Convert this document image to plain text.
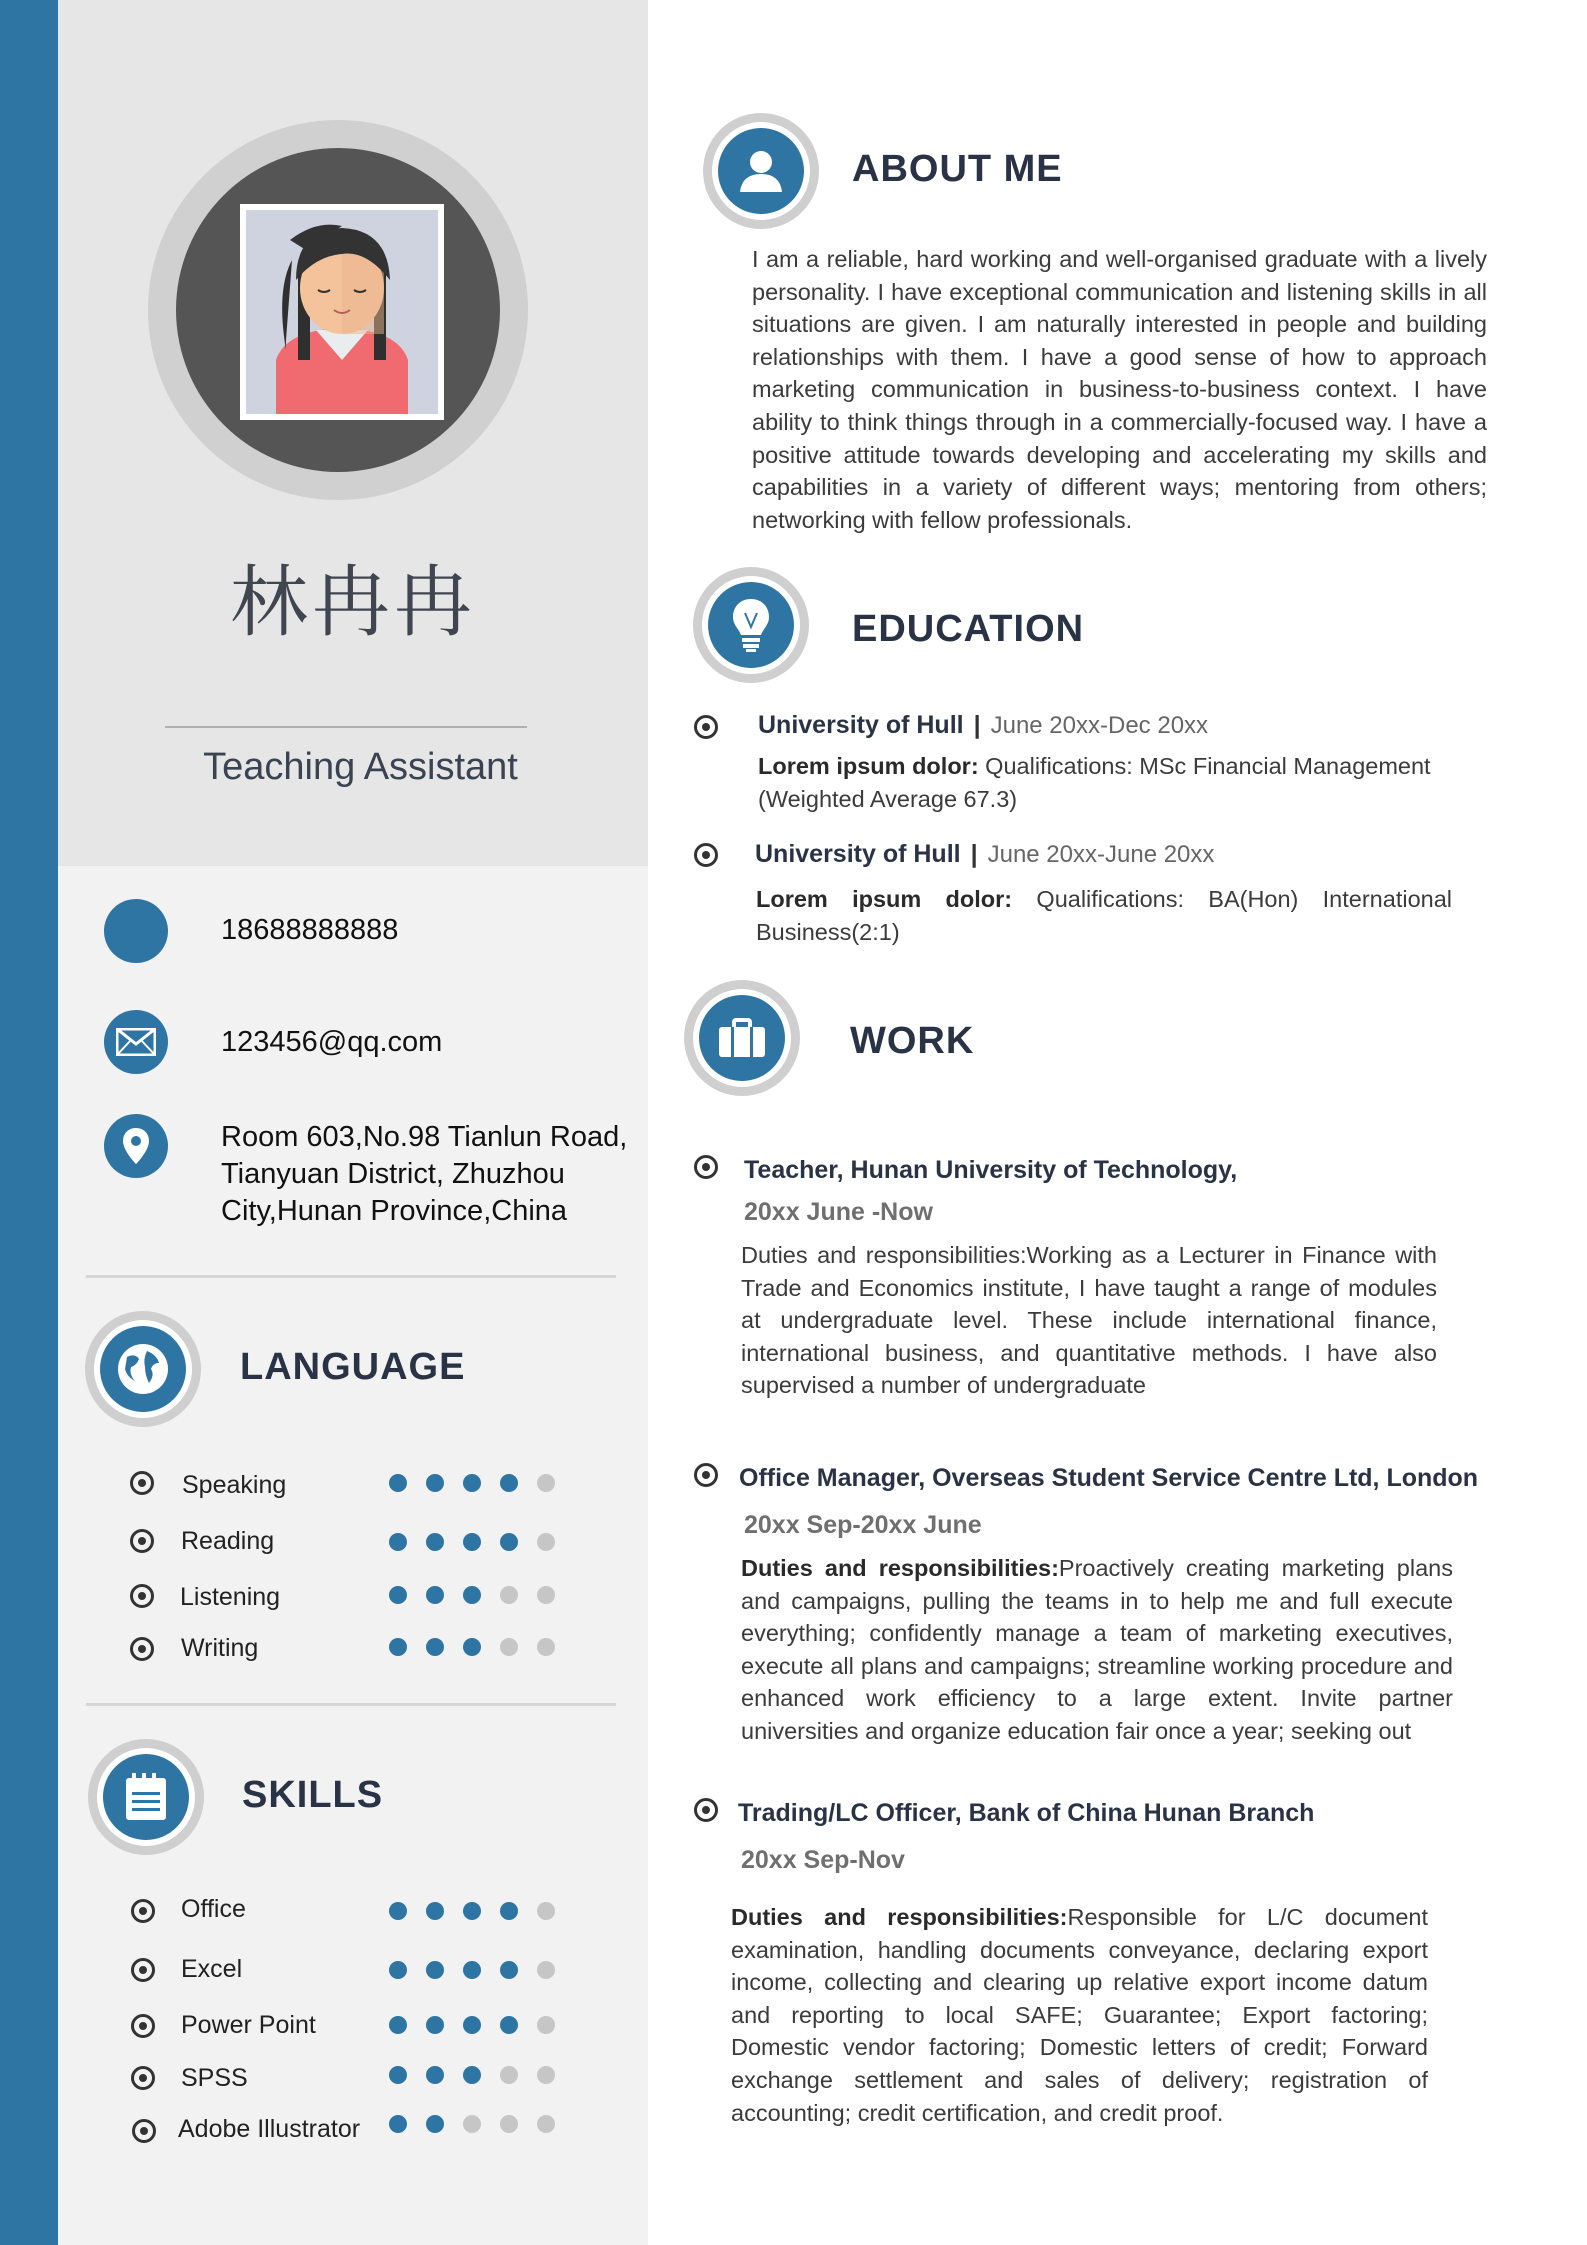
林冉冉
Teaching Assistant
18688888888
123456@qq.com
Room 603,No.98 Tianlun Road,
Tianyuan District, Zhuzhou
City,Hunan Province,China
LANGUAGE
Speaking
Reading
Listening
Writing
SKILLS
Office
Excel
Power Point
SPSS
Adobe Illustrator
ABOUT ME
I am a reliable, hard working and well-organised graduate with a lively personality. I have exceptional communication and listening skills in all situations are given. I am naturally interested in people and building relationships with them. I have a good sense of how to approach marketing communication in business-to-business context. I have ability to think things through in a commercially-focused way. I have a positive attitude towards developing and accelerating my skills and capabilities in a variety of different ways; mentoring from others; networking with fellow professionals.
EDUCATION
University of Hull | June 20xx-Dec 20xx
Lorem ipsum dolor: Qualifications: MSc Financial Management (Weighted Average 67.3)
University of Hull | June 20xx-June 20xx
Lorem ipsum dolor: Qualifications: BA(Hon) International Business(2:1)
WORK
Teacher, Hunan University of Technology,
20xx June -Now
Duties and responsibilities:Working as a Lecturer in Finance with Trade and Economics institute, I have taught a range of modules at undergraduate level. These include international finance, international business, and quantitative methods. I have also supervised a number of undergraduate
Office Manager, Overseas Student Service Centre Ltd, London
20xx Sep-20xx June
Duties and responsibilities:Proactively creating marketing plans and campaigns, pulling the teams in to help me and full execute everything; confidently manage a team of marketing executives, execute all plans and campaigns; streamline working procedure and enhanced work efficiency to a large extent. Invite partner universities and organize education fair once a year; seeking out
Trading/LC Officer, Bank of China Hunan Branch
20xx Sep-Nov
Duties and responsibilities:Responsible for L/C document examination, handling documents conveyance, declaring export income, collecting and clearing up relative export income datum and reporting to local SAFE; Guarantee; Export factoring; Domestic vendor factoring; Domestic letters of credit; Forward exchange settlement and sales of delivery; registration of accounting; credit certification, and credit proof.
